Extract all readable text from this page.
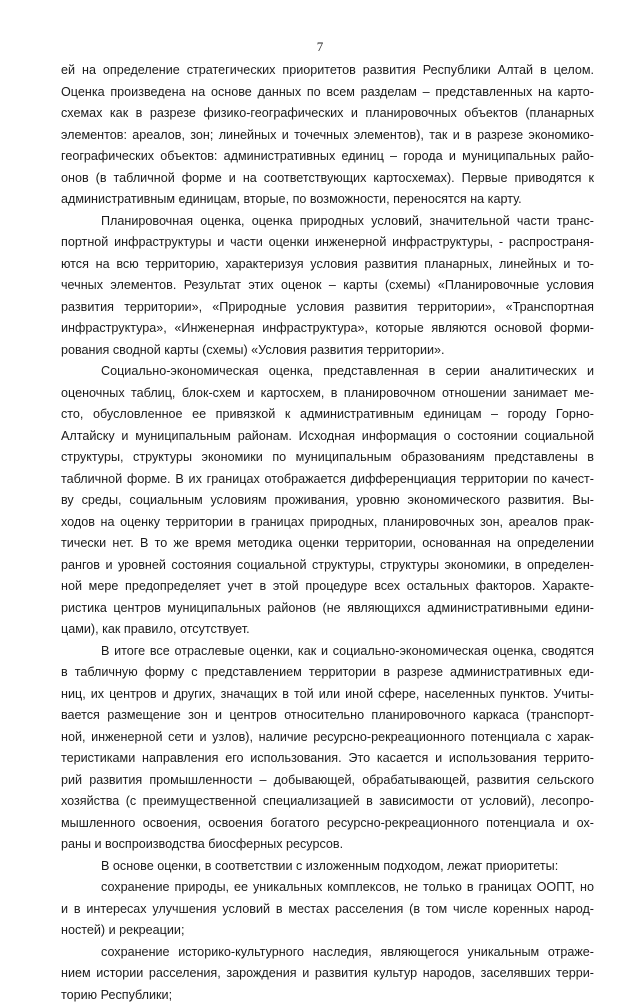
7
ей на определение стратегических приоритетов развития Республики Алтай в целом.
Оценка произведена на основе данных по всем разделам – представленных на карто-
схемах как в разрезе физико-географических и планировочных объектов (планарных
элементов: ареалов, зон; линейных и точечных элементов), так и в разрезе экономико-
географических объектов: административных единиц – города и муниципальных райо-
онов (в табличной форме и на соответствующих картосхемах). Первые приводятся к
административным единицам, вторые, по возможности, переносятся на карту.
Планировочная оценка, оценка природных условий, значительной части транс-
портной инфраструктуры и части оценки инженерной инфраструктуры, - распространя-
ются на всю территорию, характеризуя условия развития планарных, линейных и то-
чечных элементов. Результат этих оценок – карты (схемы) «Планировочные условия
развития территории», «Природные условия развития территории», «Транспортная
инфраструктура», «Инженерная инфраструктура», которые являются основой форми-
рования сводной карты (схемы) «Условия развития территории».
Социально-экономическая оценка, представленная в серии аналитических и
оценочных таблиц, блок-схем и картосхем, в планировочном отношении занимает ме-
сто, обусловленное ее привязкой к административным единицам – городу Горно-
Алтайску и муниципальным районам. Исходная информация о состоянии социальной
структуры, структуры экономики по муниципальным образованиям представлены в
табличной форме. В их границах отображается дифференциация территории по качест-
ву среды, социальным условиям проживания, уровню экономического развития. Вы-
ходов на оценку территории в границах природных, планировочных зон, ареалов прак-
тически нет. В то же время методика оценки территории, основанная на определении
рангов и уровней состояния социальной структуры, структуры экономики, в определен-
ной мере предопределяет учет в этой процедуре всех остальных факторов. Характе-
ристика центров муниципальных районов (не являющихся административными едини-
цами), как правило, отсутствует.
В итоге все отраслевые оценки, как и социально-экономическая оценка, сводятся
в табличную форму с представлением территории в разрезе административных еди-
ниц, их центров и других, значащих в той или иной сфере, населенных пунктов. Учиты-
вается размещение зон и центров относительно планировочного каркаса (транспорт-
ной, инженерной сети и узлов), наличие ресурсно-рекреационного потенциала с харак-
теристиками направления его использования. Это касается и использования террито-
рий развития промышленности – добывающей, обрабатывающей, развития сельского
хозяйства (с преимущественной специализацией в зависимости от условий), лесопро-
мышленного освоения, освоения богатого ресурсно-рекреационного потенциала и ох-
раны и воспроизводства биосферных ресурсов.
В основе оценки, в соответствии с изложенным подходом, лежат приоритеты:
сохранение природы, ее уникальных комплексов, не только в границах ООПТ, но
и в интересах улучшения условий в местах расселения (в том числе коренных народ-
ностей) и рекреации;
сохранение историко-культурного наследия, являющегося уникальным отраже-
нием истории расселения, зарождения и развития культур народов, заселявших терри-
торию Республики;
